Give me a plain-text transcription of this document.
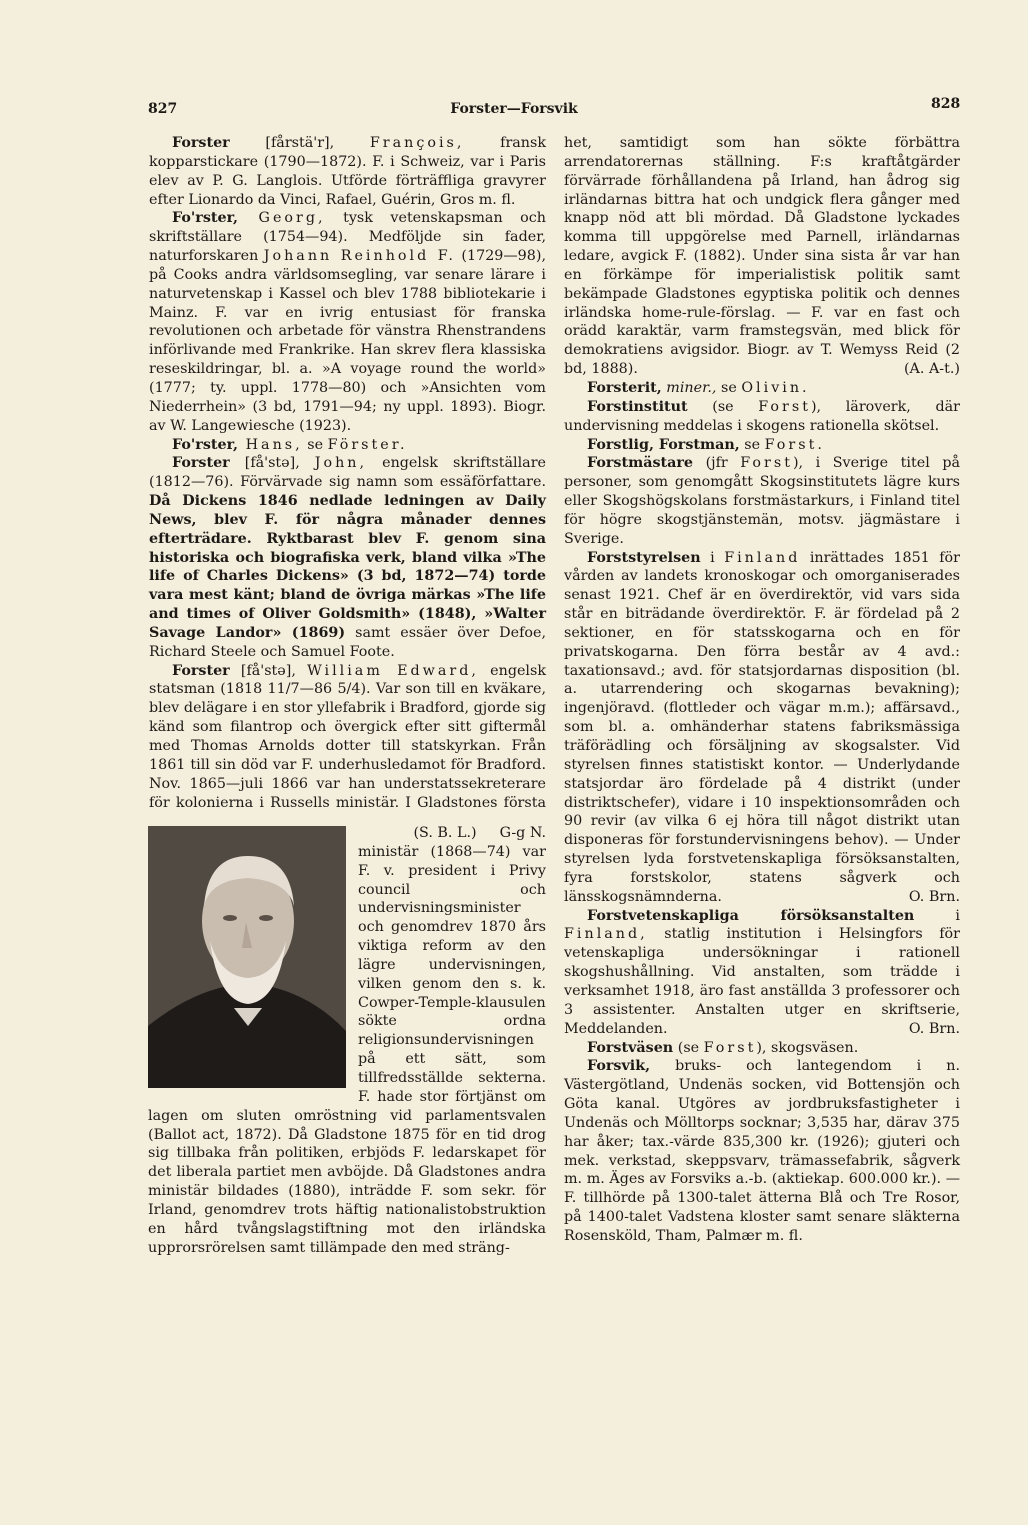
827	Forster—Forsvik	828

Forster [fårstä'r], François, fransk kopparstickare (1790—1872). F. i Schweiz, var i Paris elev av P. G. Langlois. Utförde förträffliga gravyrer efter Lionardo da Vinci, Rafael, Guérin, Gros m. fl.
G-g N.

Fo'rster, Georg, tysk vetenskapsman och skriftställare (1754—94). Medföljde sin fader, naturforskaren Johann Reinhold F. (1729—98), på Cooks andra världsomsegling, var senare lärare i naturvetenskap i Kassel och blev 1788 bibliotekarie i Mainz. F. var en ivrig entusiast för franska revolutionen och arbetade för vänstra Rhenstrandens införlivande med Frankrike. Han skrev flera klassiska reseskildringar, bl. a. »A voyage round the world» (1777; ty. uppl. 1778—80) och »Ansichten vom Niederrhein» (3 bd, 1791—94; ny uppl. 1893). Biogr. av W. Langewiesche (1923).

Fo'rster, Hans, se Förster.

Forster [få'stə], John, engelsk skriftställare (1812—76). Förvärvade sig namn som essäförfattare. Då Dickens 1846 nedlade ledningen av Daily News, blev F. för några månader dennes efterträdare. Ryktbarast blev F. genom sina historiska och biografiska verk, bland vilka »The life of Charles Dickens» (3 bd, 1872—74) torde vara mest känt; bland de övriga märkas »The life and times of Oliver Goldsmith» (1848), »Walter Savage Landor» (1869) samt essäer över Defoe, Richard Steele och Samuel Foote.
(S. B. L.)

Forster [få'stə], William Edward, engelsk statsman (1818 11/7—86 5/4). Var son till en kväkare, blev delägare i en stor yllefabrik i Bradford, gjorde sig känd som filantrop och övergick efter sitt giftermål med Thomas Arnolds dotter till statskyrkan. Från 1861 till sin död var F. underhusledamot för Bradford. Nov. 1865—juli 1866 var han understatssekreterare för kolonierna i Russells ministär. I Gladstones första ministär (1868—74) var F. v. president i Privy council och undervisningsminister och genomdrev 1870 års viktiga reform av den lägre undervisningen, vilken genom den s. k. Cowper-Temple-klausulen sökte ordna religionsundervisningen på ett sätt, som tillfredsställde sekterna. F. hade stor förtjänst om lagen om sluten omröstning vid parlamentsvalen (Ballot act, 1872). Då Gladstone 1875 för en tid drog sig tillbaka från politiken, erbjöds F. ledarskapet för det liberala partiet men avböjde. Då Gladstones andra ministär bildades (1880), inträdde F. som sekr. för Irland, genomdrev trots häftig nationalistobstruktion en hård tvångslagstiftning mot den irländska upprorsrörelsen samt tillämpade den med sträng-

het, samtidigt som han sökte förbättra arrendatorernas ställning. F:s kraftåtgärder förvärrade förhållandena på Irland, han ådrog sig irländarnas bittra hat och undgick flera gånger med knapp nöd att bli mördad. Då Gladstone lyckades komma till uppgörelse med Parnell, irländarnas ledare, avgick F. (1882). Under sina sista år var han en förkämpe för imperialistisk politik samt bekämpade Gladstones egyptiska politik och dennes irländska home-rule-förslag. — F. var en fast och orädd karaktär, varm framstegsvän, med blick för demokratiens avigsidor. Biogr. av T. Wemyss Reid (2 bd, 1888).	(A. A-t.)

Forsterit, miner., se Olivin.

Forstinstitut (se Forst), läroverk, där undervisning meddelas i skogens rationella skötsel.

Forstlig, Forstman, se Forst.

Forstmästare (jfr Forst), i Sverige titel på personer, som genomgått Skogsinstitutets lägre kurs eller Skogshögskolans forstmästarkurs, i Finland titel för högre skogstjänstemän, motsv. jägmästare i Sverige.

Forststyrelsen i Finland inrättades 1851 för vården av landets kronoskogar och omorganiserades senast 1921. Chef är en överdirektör, vid vars sida står en biträdande överdirektör. F. är fördelad på 2 sektioner, en för statsskogarna och en för privatskogarna. Den förra består av 4 avd.: taxationsavd.; avd. för statsjordarnas disposition (bl. a. utarrendering och skogarnas bevakning); ingenjöravd. (flottleder och vägar m.m.); affärsavd., som bl. a. omhänderhar statens fabriksmässiga träförädling och försäljning av skogsalster. Vid styrelsen finnes statistiskt kontor. — Underlydande statsjordar äro fördelade på 4 distrikt (under distriktschefer), vidare i 10 inspektionsområden och 90 revir (av vilka 6 ej höra till något distrikt utan disponeras för forstundervisningens behov). — Under styrelsen lyda forstvetenskapliga försöksanstalten, fyra forstskolor, statens sågverk och länsskogsnämnderna.	O. Brn.

Forstvetenskapliga försöksanstalten i Finland, statlig institution i Helsingfors för vetenskapliga undersökningar i rationell skogshushållning. Vid anstalten, som trädde i verksamhet 1918, äro fast anställda 3 professorer och 3 assistenter. Anstalten utger en skriftserie, Meddelanden.	O. Brn.

Forstväsen (se Forst), skogsväsen.

Forsvik, bruks- och lantegendom i n. Västergötland, Undenäs socken, vid Bottensjön och Göta kanal. Utgöres av jordbruksfastigheter i Undenäs och Mölltorps socknar; 3,535 har, därav 375 har åker; tax.-värde 835,300 kr. (1926); gjuteri och mek. verkstad, skeppsvarv, trämassefabrik, sågverk m. m. Äges av Forsviks a.-b. (aktiekap. 600.000 kr.). — F. tillhörde på 1300-talet ätterna Blå och Tre Rosor, på 1400-talet Vadstena kloster samt senare släkterna Rosensköld, Tham, Palmær m. fl.
